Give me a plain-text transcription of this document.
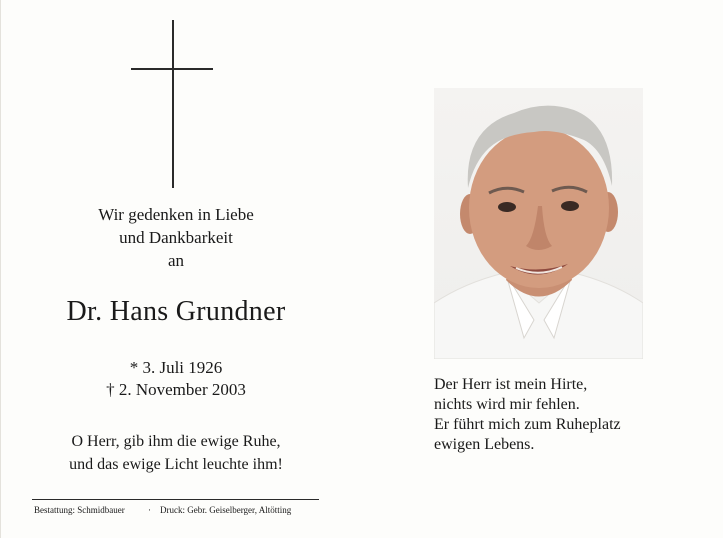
Wir gedenken in Liebe
und Dankbarkeit
an
Dr. Hans Grundner
* 3. Juli 1926
† 2. November 2003
O Herr, gib ihm die ewige Ruhe,
und das ewige Licht leuchte ihm!
Bestattung: Schmidbauer	· Druck: Gebr. Geiselberger, Altötting
Der Herr ist mein Hirte,
nichts wird mir fehlen.
Er führt mich zum Ruheplatz
ewigen Lebens.
